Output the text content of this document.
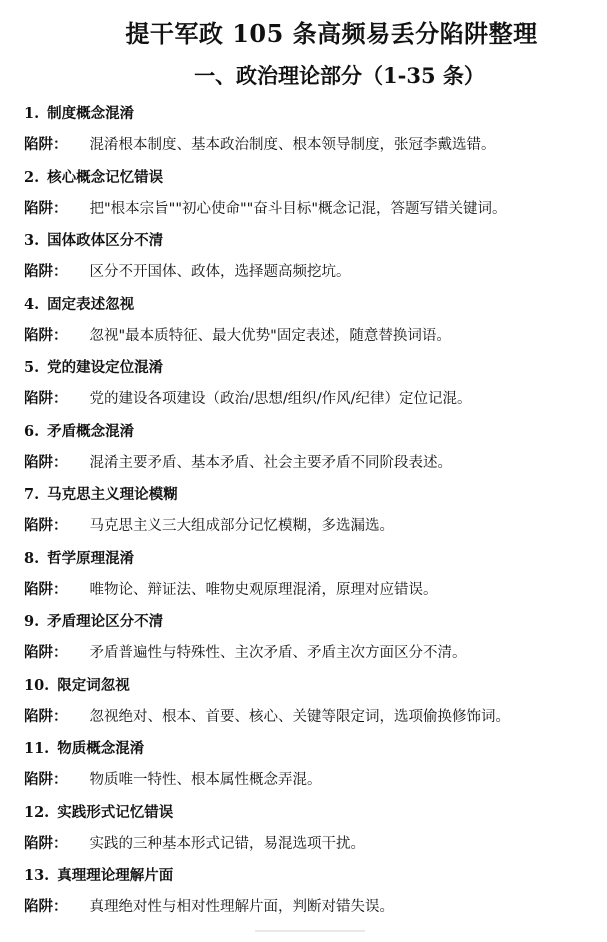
提干军政 105 条高频易丢分陷阱整理
一、政治理论部分（1-35 条）
1. 制度概念混淆
陷阱： 混淆根本制度、基本政治制度、根本领导制度，张冠李戴选错。
2. 核心概念记忆错误
陷阱： 把"根本宗旨""初心使命""奋斗目标"概念记混，答题写错关键词。
3. 国体政体区分不清
陷阱： 区分不开国体、政体，选择题高频挖坑。
4. 固定表述忽视
陷阱： 忽视"最本质特征、最大优势"固定表述，随意替换词语。
5. 党的建设定位混淆
陷阱： 党的建设各项建设（政治/思想/组织/作风/纪律）定位记混。
6. 矛盾概念混淆
陷阱： 混淆主要矛盾、基本矛盾、社会主要矛盾不同阶段表述。
7. 马克思主义理论模糊
陷阱： 马克思主义三大组成部分记忆模糊，多选漏选。
8. 哲学原理混淆
陷阱： 唯物论、辩证法、唯物史观原理混淆，原理对应错误。
9. 矛盾理论区分不清
陷阱： 矛盾普遍性与特殊性、主次矛盾、矛盾主次方面区分不清。
10. 限定词忽视
陷阱： 忽视绝对、根本、首要、核心、关键等限定词，选项偷换修饰词。
11. 物质概念混淆
陷阱： 物质唯一特性、根本属性概念弄混。
12. 实践形式记忆错误
陷阱： 实践的三种基本形式记错，易混选项干扰。
13. 真理理论理解片面
陷阱： 真理绝对性与相对性理解片面，判断对错失误。
